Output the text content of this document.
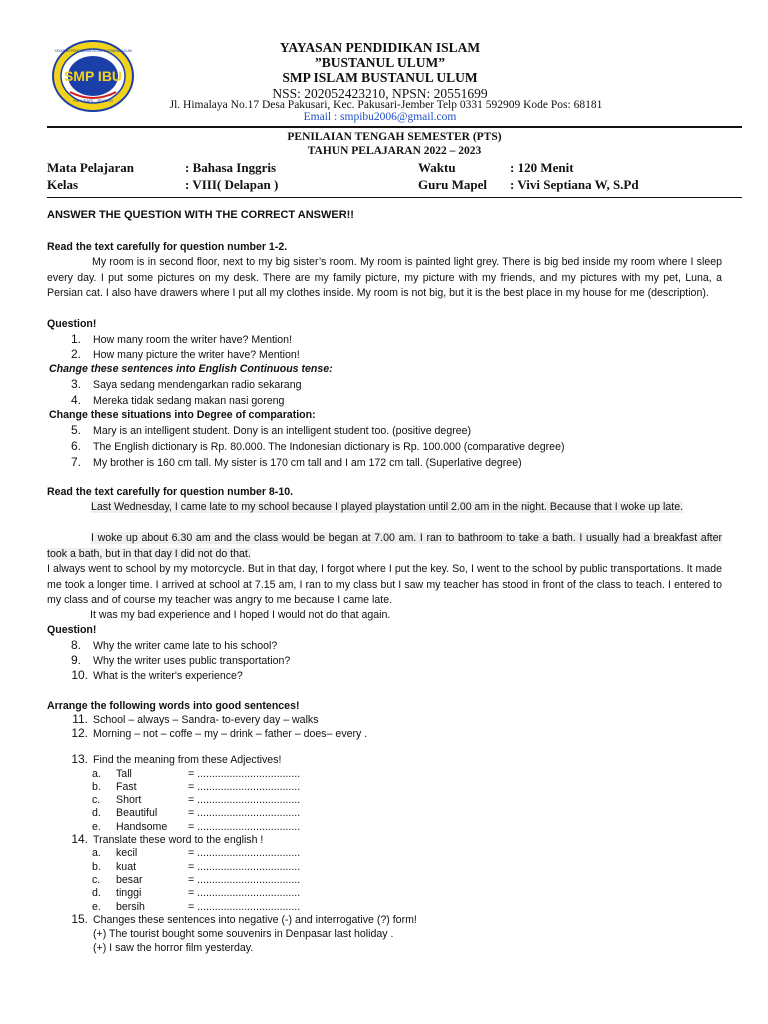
SMP IBU
PAKUSARI - JEMBER
YAYASAN PENDIDIKAN ISLAM BUSTANUL ULUM	YAYASAN PENDIDIKAN ISLAM
”BUSTANUL ULUM”
SMP ISLAM BUSTANUL ULUM
NSS: 202052423210, NPSN: 20551699
Jl. Himalaya No.17 Desa Pakusari, Kec. Pakusari-Jember Telp 0331 592909 Kode Pos: 68181
Email : smpibu2006@gmail.com
PENILAIAN TENGAH SEMESTER (PTS)
TAHUN PELAJARAN 2022 – 2023
Mata Pelajaran	: Bahasa Inggris
Kelas	: VIII( Delapan )
Waktu	: 120 Menit
Guru Mapel : Vivi Septiana W, S.Pd
ANSWER THE QUESTION WITH THE CORRECT ANSWER!!
Read the text carefully for question number 1-2.
My room is in second floor, next to my big sister’s room. My room is painted light grey. There is big bed inside my room where I sleep every day. I put some pictures on my desk. There are my family picture, my picture with my friends, and my pictures with my pet, Luna, a Persian cat. I also have drawers where I put all my clothes inside. My room is not big, but it is the best place in my house for me (description).
Question!
1. How many room the writer have? Mention!
2. How many picture the writer have? Mention!
Change these sentences into English Continuous tense:
3. Saya sedang mendengarkan radio sekarang
4. Mereka tidak sedang makan nasi goreng
Change these situations into Degree of comparation:
5. Mary is an intelligent student. Dony is an intelligent student too. (positive degree)
6. The English dictionary is Rp. 80.000. The Indonesian dictionary is Rp. 100.000 (comparative degree)
7. My brother is 160 cm tall. My sister is 170 cm tall and I am 172 cm tall. (Superlative degree)
Read the text carefully for question number 8-10.
Last Wednesday, I came late to my school because I played playstation until 2.00 am in the night. Because that I woke up late.
I woke up about 6.30 am and the class would be began at 7.00 am. I ran to bathroom to take a bath. I usually had a breakfast after took a bath, but in that day I did not do that.
I always went to school by my motorcycle. But in that day, I forgot where I put the key. So, I went to the school by public transportations. It made me took a longer time. I arrived at school at 7.15 am, I ran to my class but I saw my teacher has stood in front of the class to teach. I entered to my class and of course my teacher was angry to me because I came late.
It was my bad experience and I hoped I would not do that again.
Question!
8. Why the writer came late to his school?
9. Why the writer uses public transportation?
10. What is the writer's experience?
Arrange the following words into good sentences!
11. School – always – Sandra- to-every day – walks
12. Morning – not – coffe – my – drink – father – does– every .
13. Find the meaning from these Adjectives!
a. Tall	= ...................................
b. Fast	= ...................................
c. Short	= ...................................
d. Beautiful	= ...................................
e. Handsome = ...................................
14. Translate these word to the english !
a. kecil	= ...................................
b. kuat	= ...................................
c. besar	= ...................................
d. tinggi	= ...................................
e. bersih	= ...................................
15. Changes these sentences into negative (-) and interrogative (?) form!
(+) The tourist bought some souvenirs in Denpasar last holiday .
(+) I saw the horror film yesterday.
